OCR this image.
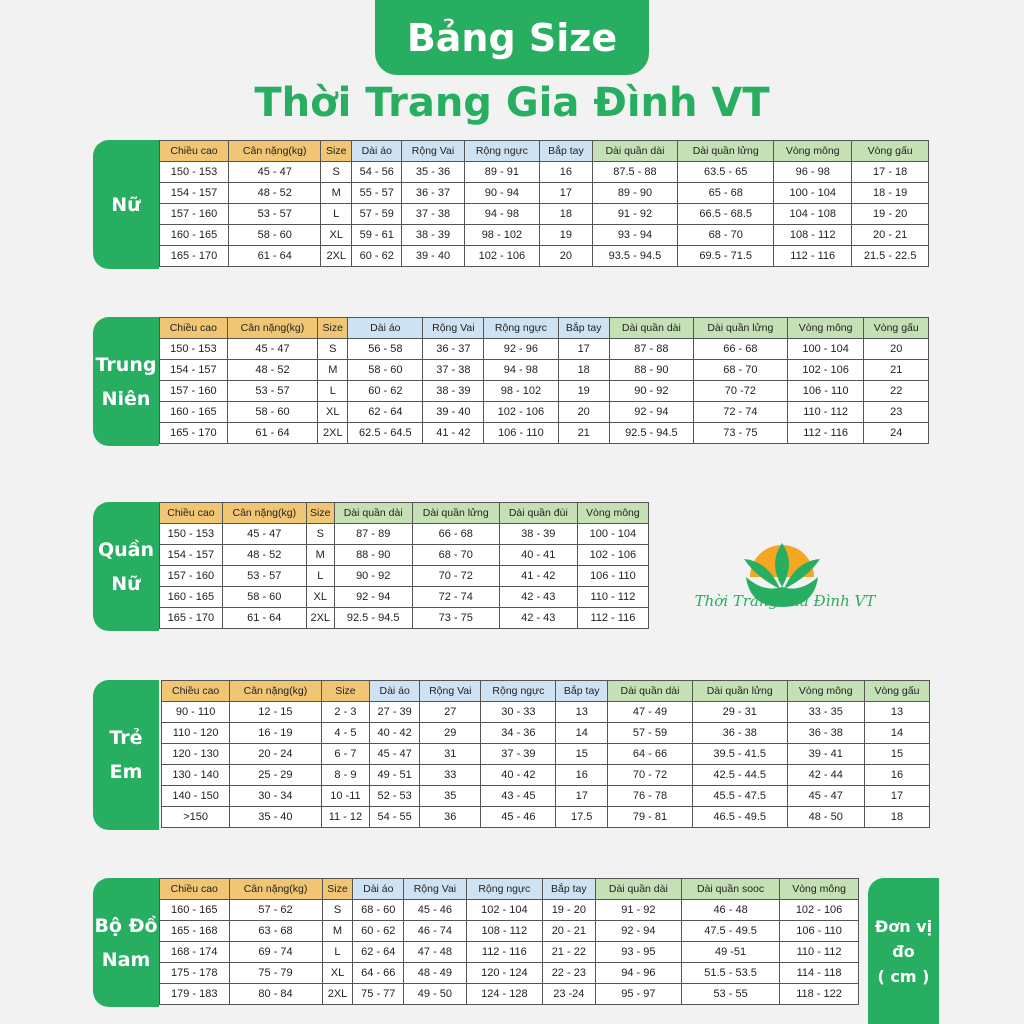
Bảng Size
Thời Trang Gia Đình VT
Nữ
Chiều cao	Cân nặng(kg)	Size	Dài áo	Rộng Vai	Rộng ngực	Bắp tay	Dài quần dài	Dài quần lửng	Vòng mông	Vòng gấu
150 - 153	45 - 47	S	54 - 56	35 - 36	89 - 91	16	87.5 - 88	63.5 - 65	96 - 98	17 - 18
154 - 157	48 - 52	M	55 - 57	36 - 37	90 - 94	17	89 - 90	65 - 68	100 - 104	18 - 19
157 - 160	53 - 57	L	57 - 59	37 - 38	94 - 98	18	91 - 92	66.5 - 68.5	104 - 108	19 - 20
160 - 165	58 - 60	XL	59 - 61	38 - 39	98 - 102	19	93 - 94	68 - 70	108 - 112	20 - 21
165 - 170	61 - 64	2XL	60 - 62	39 - 40	102 - 106	20	93.5 - 94.5	69.5 - 71.5	112 - 116	21.5 - 22.5
Trung
Niên
Chiều cao	Cân nặng(kg)	Size	Dài áo	Rộng Vai	Rộng ngực	Bắp tay	Dài quần dài	Dài quần lửng	Vòng mông	Vòng gấu
150 - 153	45 - 47	S	56 - 58	36 - 37	92 - 96	17	87 - 88	66 - 68	100 - 104	20
154 - 157	48 - 52	M	58 - 60	37 - 38	94 - 98	18	88 - 90	68 - 70	102 - 106	21
157 - 160	53 - 57	L	60 - 62	38 - 39	98 - 102	19	90 - 92	70 -72	106 - 110	22
160 - 165	58 - 60	XL	62 - 64	39 - 40	102 - 106	20	92 - 94	72 - 74	110 - 112	23
165 - 170	61 - 64	2XL	62.5 - 64.5	41 - 42	106 - 110	21	92.5 - 94.5	73 - 75	112 - 116	24
Quần
Nữ
Chiều cao	Cân nặng(kg)	Size	Dài quần dài	Dài quần lửng	Dài quần đùi	Vòng mông
150 - 153	45 - 47	S	87 - 89	66 - 68	38 - 39	100 - 104
154 - 157	48 - 52	M	88 - 90	68 - 70	40 - 41	102 - 106
157 - 160	53 - 57	L	90 - 92	70 - 72	41 - 42	106 - 110
160 - 165	58 - 60	XL	92 - 94	72 - 74	42 - 43	110 - 112
165 - 170	61 - 64	2XL	92.5 - 94.5	73 - 75	42 - 43	112 - 116
Trẻ
Em
Chiều cao	Cân nặng(kg)	Size	Dài áo	Rộng Vai	Rộng ngực	Bắp tay	Dài quần dài	Dài quần lửng	Vòng mông	Vòng gấu
90 - 110	12 - 15	2 - 3	27 - 39	27	30 - 33	13	47 - 49	29 - 31	33 - 35	13
110 - 120	16 - 19	4 - 5	40 - 42	29	34 - 36	14	57 - 59	36 - 38	36 - 38	14
120 - 130	20 - 24	6 - 7	45 - 47	31	37 - 39	15	64 - 66	39.5 - 41.5	39 - 41	15
130 - 140	25 - 29	8 - 9	49 - 51	33	40 - 42	16	70 - 72	42.5 - 44.5	42 - 44	16
140 - 150	30 - 34	10 -11	52 - 53	35	43 - 45	17	76 - 78	45.5 - 47.5	45 - 47	17
>150	35 - 40	11 - 12	54 - 55	36	45 - 46	17.5	79 - 81	46.5 - 49.5	48 - 50	18
Bộ Đồ
Nam
Chiều cao	Cân nặng(kg)	Size	Dài áo	Rộng Vai	Rộng ngực	Bắp tay	Dài quần dài	Dài quần sooc	Vòng mông
160 - 165	57 - 62	S	68 - 60	45 - 46	102 - 104	19 - 20	91 - 92	46 - 48	102 - 106
165 - 168	63 - 68	M	60 - 62	46 - 74	108 - 112	20 - 21	92 - 94	47.5 - 49.5	106 - 110
168 - 174	69 - 74	L	62 - 64	47 - 48	112 - 116	21 - 22	93 - 95	49 -51	110 - 112
175 - 178	75 - 79	XL	64 - 66	48 - 49	120 - 124	22 - 23	94 - 96	51.5 - 53.5	114 - 118
179 - 183	80 - 84	2XL	75 - 77	49 - 50	124 - 128	23 -24	95 - 97	53 - 55	118 - 122
Đơn vị
đo
( cm )
Thời Trang Gia Đình VT
